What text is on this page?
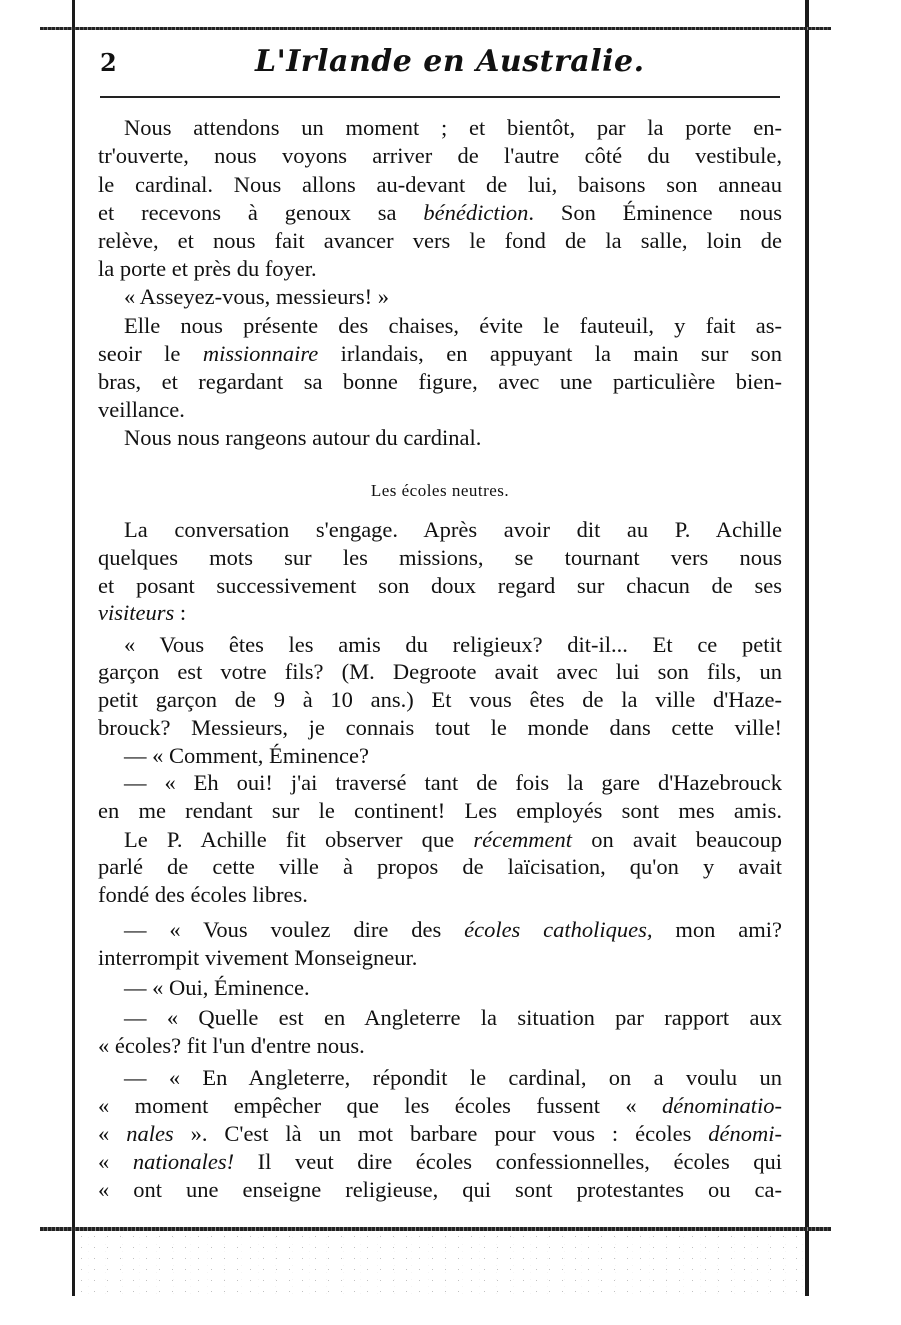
2	L'Irlande en Australie.
Nous attendons un moment ; et bientôt, par la porte en-
tr'ouverte, nous voyons arriver de l'autre côté du vestibule,
le cardinal. Nous allons au-devant de lui, baisons son anneau
et recevons à genoux sa bénédiction. Son Éminence nous
relève, et nous fait avancer vers le fond de la salle, loin de
la porte et près du foyer.
« Asseyez-vous, messieurs! »
Elle nous présente des chaises, évite le fauteuil, y fait as-
seoir le missionnaire irlandais, en appuyant la main sur son
bras, et regardant sa bonne figure, avec une particulière bien-
veillance.
Nous nous rangeons autour du cardinal.
Les écoles neutres.
La conversation s'engage. Après avoir dit au P. Achille
quelques mots sur les missions, se tournant vers nous
et posant successivement son doux regard sur chacun de ses
visiteurs :
« Vous êtes les amis du religieux? dit-il... Et ce petit
garçon est votre fils? (M. Degroote avait avec lui son fils, un
petit garçon de 9 à 10 ans.) Et vous êtes de la ville d'Haze-
brouck? Messieurs, je connais tout le monde dans cette ville!
— « Comment, Éminence?
— « Eh oui! j'ai traversé tant de fois la gare d'Hazebrouck
en me rendant sur le continent! Les employés sont mes amis.
Le P. Achille fit observer que récemment on avait beaucoup
parlé de cette ville à propos de laïcisation, qu'on y avait
fondé des écoles libres.
— « Vous voulez dire des écoles catholiques, mon ami?
interrompit vivement Monseigneur.
— « Oui, Éminence.
— « Quelle est en Angleterre la situation par rapport aux
« écoles? fit l'un d'entre nous.
— « En Angleterre, répondit le cardinal, on a voulu un
« moment empêcher que les écoles fussent « dénominatio-
« nales ». C'est là un mot barbare pour vous : écoles dénomi-
« nationales! Il veut dire écoles confessionnelles, écoles qui
« ont une enseigne religieuse, qui sont protestantes ou ca-
